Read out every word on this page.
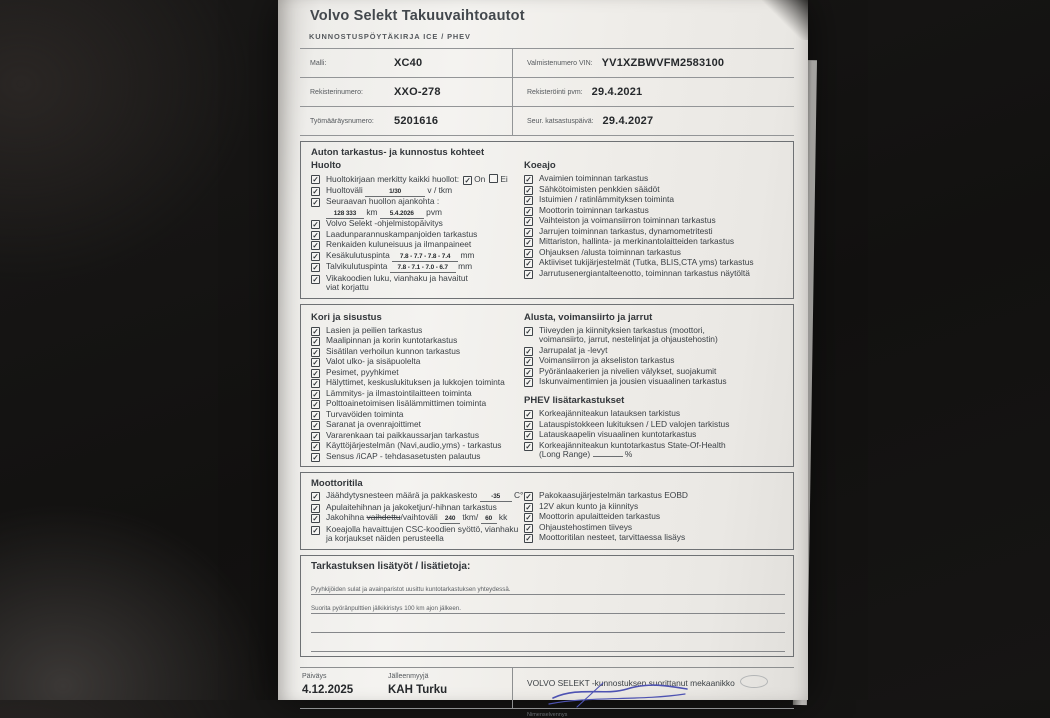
Volvo Selekt Takuuvaihtoautot
KUNNOSTUSPÖYTÄKIRJA ICE / PHEV
Malli:	XC40	Valmistenumero VIN: YV1XZBWVFM2583100
Rekisterinumero:	XXO-278	Rekisteröinti pvm: 29.4.2021
Työmääräysnumero:	5201616	Seur. katsastuspäivä: 29.4.2027
Auton tarkastus- ja kunnostus kohteet
Huolto
✓ Huoltokirjaan merkitty kaikki huollot: ✓ On Ei
✓ Huoltoväli	1/30	v / tkm
✓ Seuraavan huollon ajankohta :
128 333 km 5.4.2026 pvm
✓ Volvo Selekt -ohjelmistopäivitys
✓ Laadunparannuskampanjoiden tarkastus
✓ Renkaiden kuluneisuus ja ilmanpaineet
✓ Kesäkulutuspinta 7.8 - 7.7 - 7.8 - 7.4 mm
✓ Talvikulutuspinta 7.8 - 7.1 - 7.0 - 6.7 mm
✓ Vikakoodien luku, vianhaku ja havaitut
viat korjattu
Koeajo
✓ Avaimien toiminnan tarkastus
✓ Sähkötoimisten penkkien säädöt
✓ Istuimien / ratinlämmityksen toiminta
✓ Moottorin toiminnan tarkastus
✓ Vaihteiston ja voimansiirron toiminnan tarkastus
✓ Jarrujen toiminnan tarkastus, dynamometritesti
✓ Mittariston, hallinta- ja merkinantolaitteiden tarkastus
✓ Ohjauksen /alusta toiminnan tarkastus
✓ Aktiiviset tukijärjestelmät (Tutka, BLIS,CTA yms) tarkastus
✓ Jarrutusenergiantalteenotto, toiminnan tarkastus näytöltä
Kori ja sisustus
✓ Lasien ja peilien tarkastus
✓ Maalipinnan ja korin kuntotarkastus
✓ Sisätilan verhoilun kunnon tarkastus
✓ Valot ulko- ja sisäpuolelta
✓ Pesimet, pyyhkimet
✓ Hälyttimet, keskuslukituksen ja lukkojen toiminta
✓ Lämmitys- ja ilmastointilaitteen toiminta
✓ Polttoainetoimisen lisälämmittimen toiminta
✓ Turvavöiden toiminta
✓ Saranat ja ovenrajoittimet
✓ Vararenkaan tai paikkaussarjan tarkastus
✓ Käyttöjärjestelmän (Navi,audio,yms) - tarkastus
✓ Sensus /iCAP - tehdasasetusten palautus
Alusta, voimansiirto ja jarrut
✓ Tiiveyden ja kiinnityksien tarkastus (moottori,
voimansiirto, jarrut, nestelinjat ja ohjaustehostin)
✓ Jarrupalat ja -levyt
✓ Voimansiirron ja akseliston tarkastus
✓ Pyöränlaakerien ja nivelien välykset, suojakumit
✓ Iskunvaimentimien ja jousien visuaalinen tarkastus
PHEV lisätarkastukset
✓ Korkeajänniteakun latauksen tarkistus
✓ Latauspistokkeen lukituksen / LED valojen tarkistus
✓ Latauskaapelin visuaalinen kuntotarkastus
✓ Korkeajänniteakun kuntotarkastus State-Of-Health
(Long Range)	%
Moottoritila
✓ Jäähdytysnesteen määrä ja pakkaskesto -35 C°
✓ Apulaitehihnan ja jakoketjun/-hihnan tarkastus
✓ Jakohihna vaihdettu/vaihtoväli 240 tkm/ 60 kk
✓ Koeajolla havaittujen CSC-koodien syöttö, vianhaku
ja korjaukset näiden perusteella
✓ Pakokaasujärjestelmän tarkastus EOBD
✓ 12V akun kunto ja kiinnitys
✓ Moottorin apulaitteiden tarkastus
✓ Ohjaustehostimen tiiveys
✓ Moottoritilan nesteet, tarvittaessa lisäys
Tarkastuksen lisätyöt / lisätietoja:
Pyyhkijöiden sulat ja avainparistot uusittu kuntotarkastuksen yhteydessä.
Suorita pyöränpulttien jälkikiristys 100 km ajon jälkeen.
Päiväys
4.12.2025
Jälleenmyyjä
KAH Turku
VOLVO SELEKT -kunnostuksen suorittanut mekaanikko
Nimenselvennys
